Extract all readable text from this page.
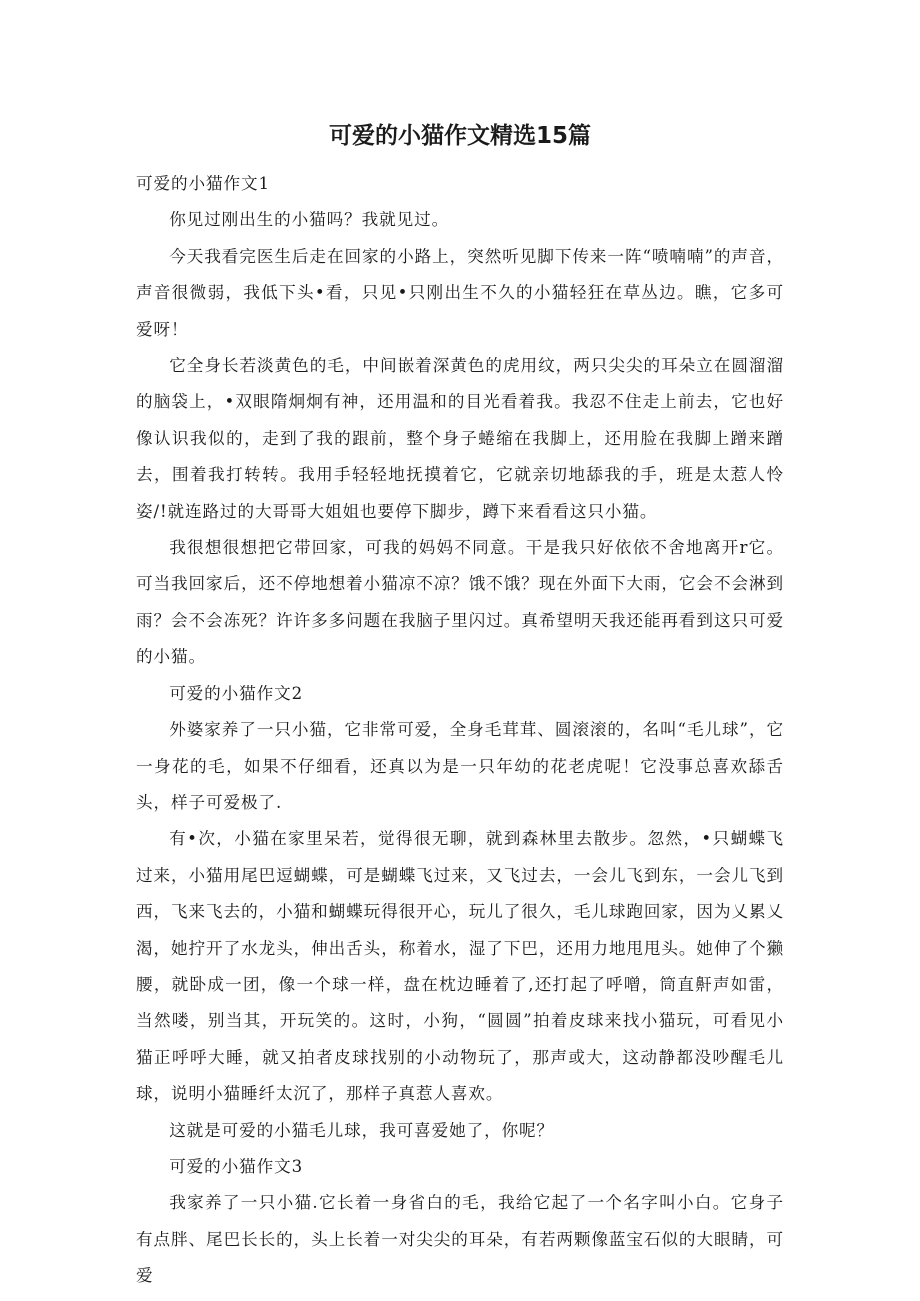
可爱的小猫作文精选15篇

可爱的小猫作文1

你见过刚出生的小猫吗？我就见过。

今天我看完医生后走在回家的小路上，突然听见脚下传来一阵“喷喃喃”的声音，声音很微弱，我低下头•看，只见•只刚出生不久的小猫轻狂在草丛边。瞧，它多可爱呀！

它全身长若淡黄色的毛，中间嵌着深黄色的虎用纹，两只尖尖的耳朵立在圆溜溜的脑袋上，•双眼隋炯炯有神，还用温和的目光看着我。我忍不住走上前去，它也好像认识我似的，走到了我的跟前，整个身子蜷缩在我脚上，还用脸在我脚上蹭来蹭去，围着我打转转。我用手轻轻地抚摸着它，它就亲切地舔我的手，班是太惹人怜姿/!就连路过的大哥哥大姐姐也要停下脚步，蹲下来看看这只小猫。

我很想很想把它带回家，可我的妈妈不同意。干是我只好依依不舍地离开r它。可当我回家后，还不停地想着小猫凉不凉？饿不饿？现在外面下大雨，它会不会淋到雨？会不会冻死？许许多多问题在我脑子里闪过。真希望明天我还能再看到这只可爱的小猫。

可爱的小猫作文2

外婆家养了一只小猫，它非常可爱，全身毛茸茸、圆滚滚的，名叫“毛儿球”，它一身花的毛，如果不仔细看，还真以为是一只年幼的花老虎呢！它没事总喜欢舔舌头，样子可爱极了.

有•次，小猫在家里呆若，觉得很无聊，就到森林里去散步。忽然，•只蝴蝶飞过来，小猫用尾巴逗蝴蝶，可是蝴蝶飞过来，又飞过去，一会儿飞到东，一会儿飞到西，飞来飞去的，小猫和蝴蝶玩得很开心，玩儿了很久，毛儿球跑回家，因为乂累乂渴，她拧开了水龙头，伸出舌头，称着水，湿了下巴，还用力地甩甩头。她伸了个獭腰，就卧成一团，像一个球一样，盘在枕边睡着了,还打起了呼噌，筒直鼾声如雷，当然喽，别当其，开玩笑的。这时，小狗，“圆圆”拍着皮球来找小猫玩，可看见小猫正呼呼大睡，就又拍者皮球找别的小动物玩了，那声或大，这动静都没吵醒毛儿球，说明小猫睡纤太沉了，那样子真惹人喜欢。

这就是可爱的小猫毛儿球，我可喜爱她了，你呢？

可爱的小猫作文3

我家养了一只小猫.它长着一身省白的毛，我给它起了一个名字叫小白。它身子有点胖、尾巴长长的，头上长着一对尖尖的耳朵，有若两颗像蓝宝石似的大眼睛，可爱
